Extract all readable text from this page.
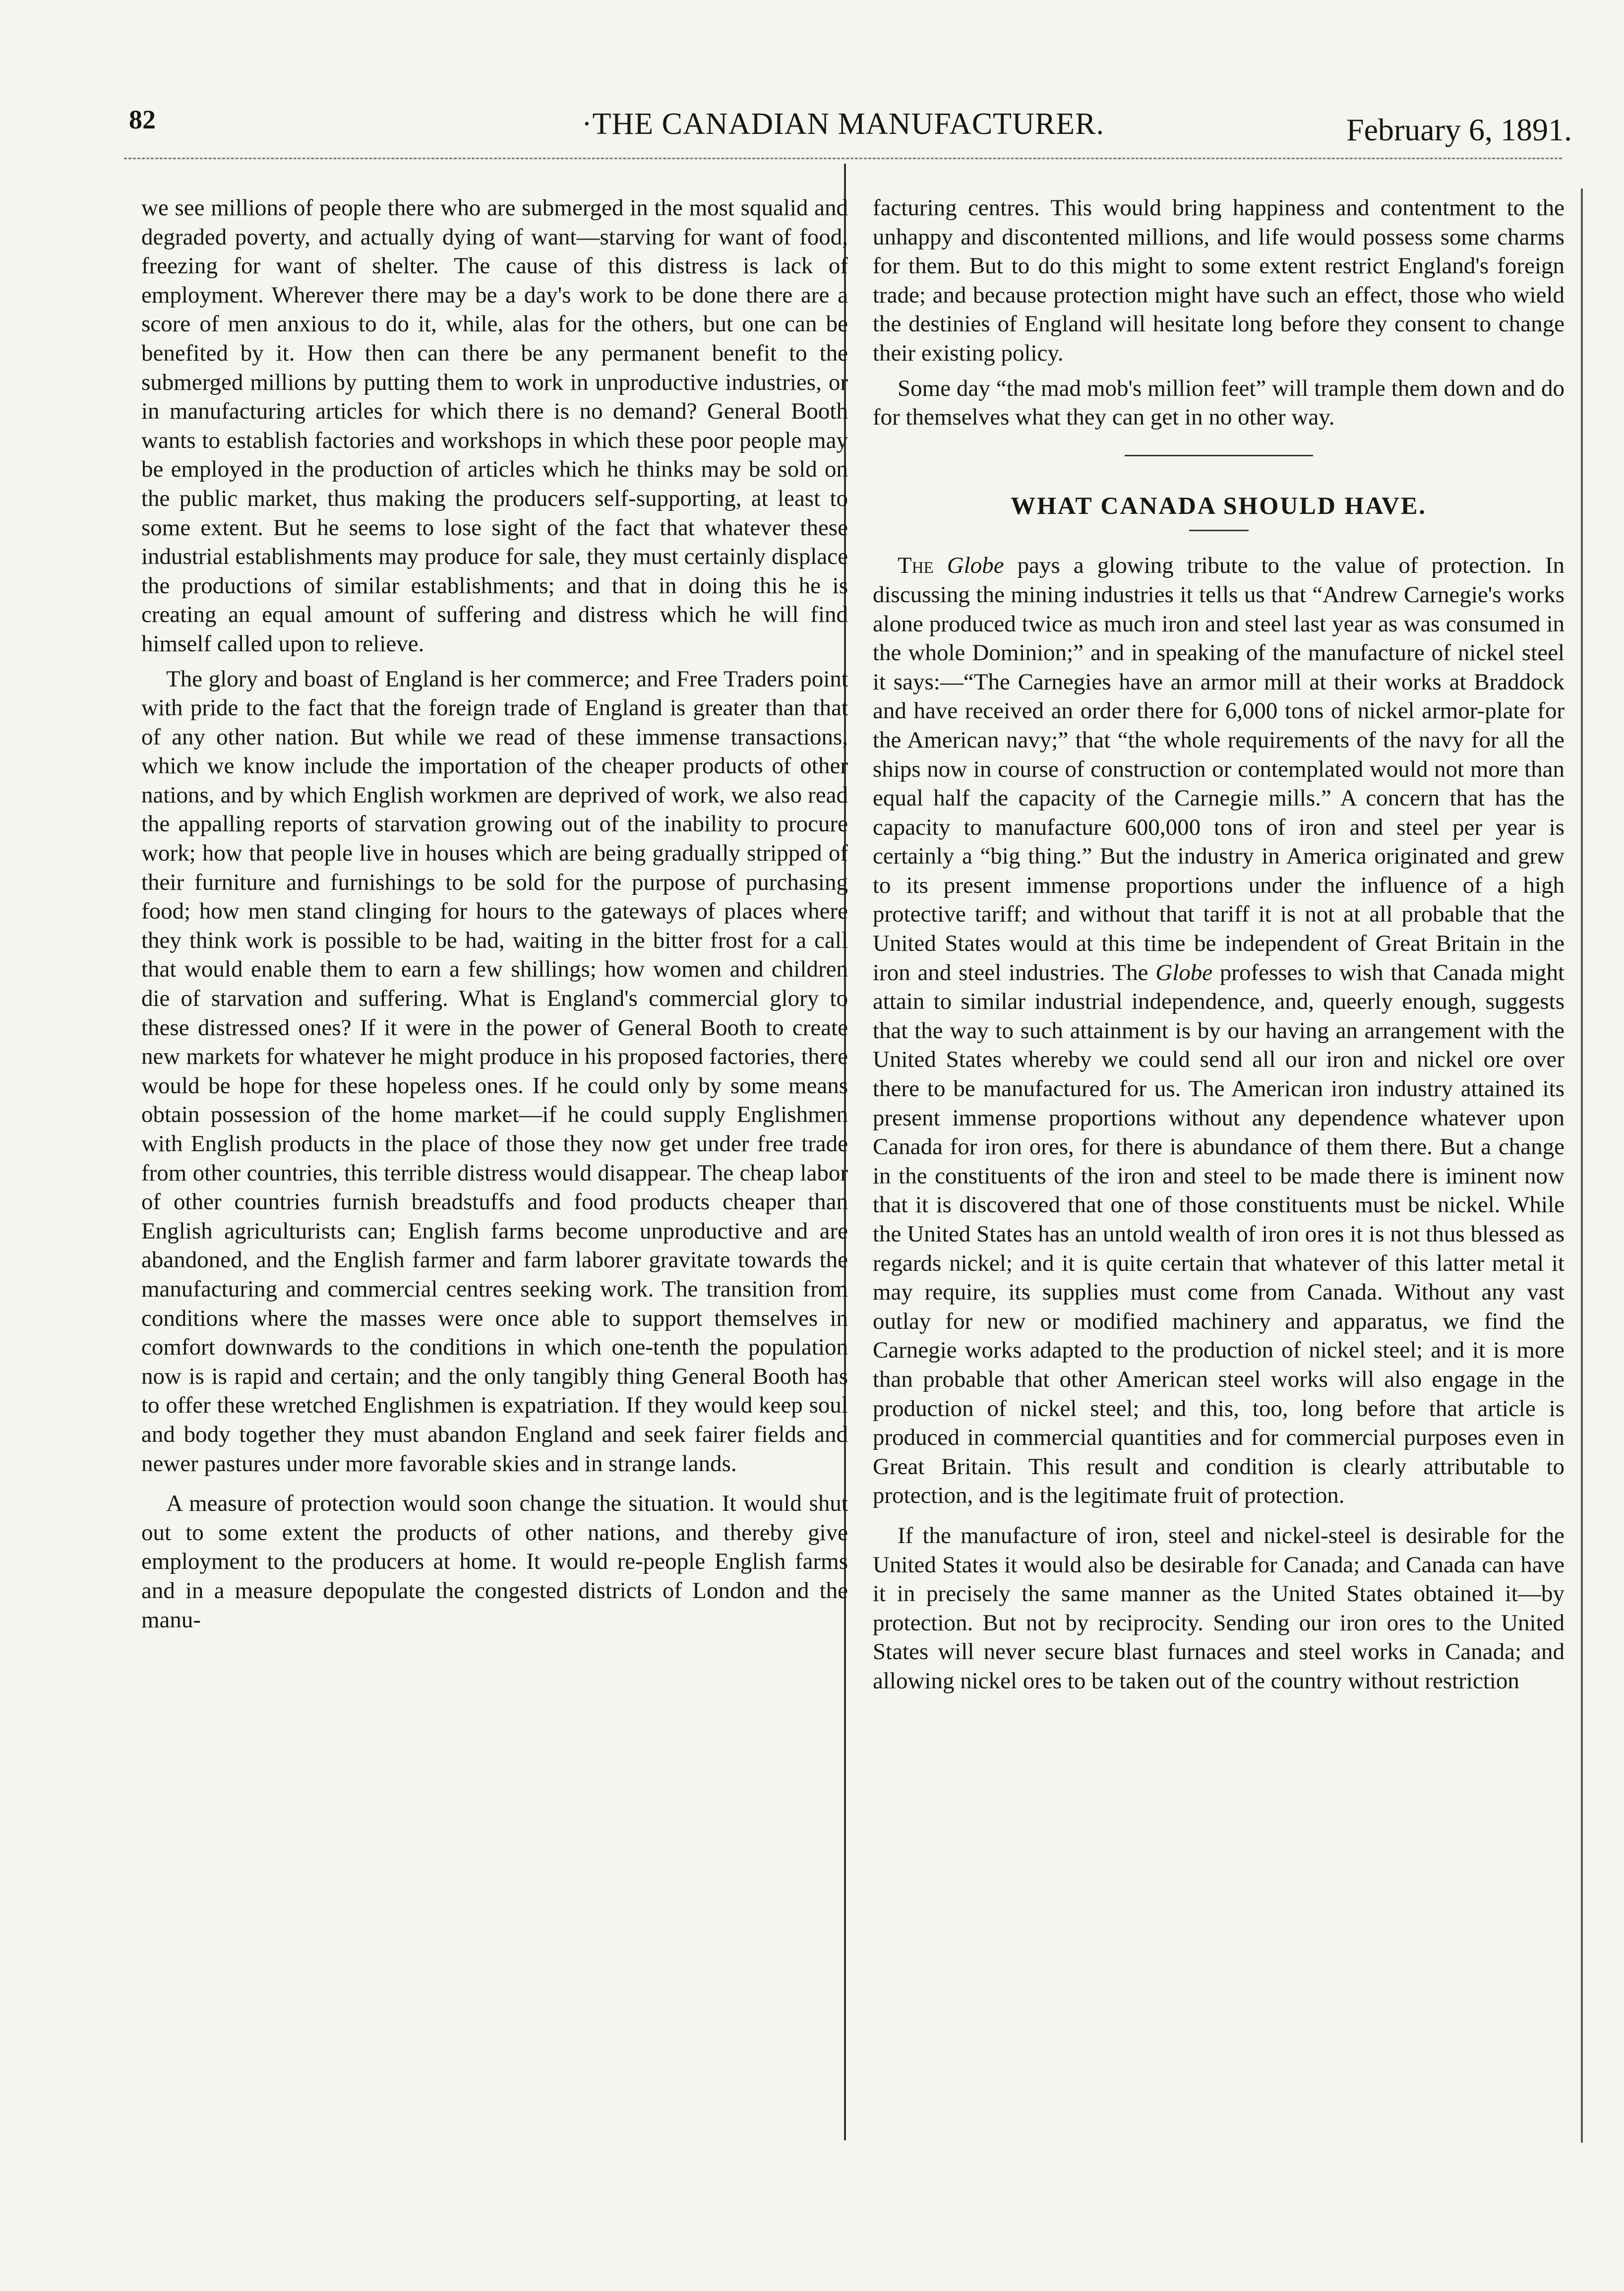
82	·THE CANADIAN MANUFACTURER.	February 6, 1891.

we see millions of people there who are submerged in the most squalid and degraded poverty, and actually dying of want—starving for want of food, freezing for want of shelter. The cause of this distress is lack of employment. Wherever there may be a day's work to be done there are a score of men anxious to do it, while, alas for the others, but one can be benefited by it. How then can there be any permanent benefit to the submerged millions by putting them to work in unproductive industries, or in manufacturing articles for which there is no demand? General Booth wants to establish factories and workshops in which these poor people may be employed in the production of articles which he thinks may be sold on the public market, thus making the producers self-supporting, at least to some extent. But he seems to lose sight of the fact that whatever these industrial establishments may produce for sale, they must certainly displace the productions of similar establishments; and that in doing this he is creating an equal amount of suffering and distress which he will find himself called upon to relieve.

The glory and boast of England is her commerce; and Free Traders point with pride to the fact that the foreign trade of England is greater than that of any other nation. But while we read of these immense transactions, which we know include the importation of the cheaper products of other nations, and by which English workmen are deprived of work, we also read the appalling reports of starvation growing out of the inability to procure work; how that people live in houses which are being gradually stripped of their furniture and furnishings to be sold for the purpose of purchasing food; how men stand clinging for hours to the gateways of places where they think work is possible to be had, waiting in the bitter frost for a call that would enable them to earn a few shillings; how women and children die of starvation and suffering. What is England's commercial glory to these distressed ones? If it were in the power of General Booth to create new markets for whatever he might produce in his proposed factories, there would be hope for these hopeless ones. If he could only by some means obtain possession of the home market—if he could supply Englishmen with English products in the place of those they now get under free trade from other countries, this terrible distress would disappear. The cheap labor of other countries furnish breadstuffs and food products cheaper than English agriculturists can; English farms become unproductive and are abandoned, and the English farmer and farm laborer gravitate towards the manufacturing and commercial centres seeking work. The transition from conditions where the masses were once able to support themselves in comfort downwards to the conditions in which one-tenth the population now is is rapid and certain; and the only tangibly thing General Booth has to offer these wretched Englishmen is expatriation. If they would keep soul and body together they must abandon England and seek fairer fields and newer pastures under more favorable skies and in strange lands.

A measure of protection would soon change the situation. It would shut out to some extent the products of other nations, and thereby give employment to the producers at home. It would re-people English farms and in a measure depopulate the congested districts of London and the manu-

facturing centres. This would bring happiness and contentment to the unhappy and discontented millions, and life would possess some charms for them. But to do this might to some extent restrict England's foreign trade; and because protection might have such an effect, those who wield the destinies of England will hesitate long before they consent to change their existing policy.

Some day “the mad mob's million feet” will trample them down and do for themselves what they can get in no other way.

WHAT CANADA SHOULD HAVE.

The Globe pays a glowing tribute to the value of protection. In discussing the mining industries it tells us that “Andrew Carnegie's works alone produced twice as much iron and steel last year as was consumed in the whole Dominion;” and in speaking of the manufacture of nickel steel it says:—“The Carnegies have an armor mill at their works at Braddock and have received an order there for 6,000 tons of nickel armor-plate for the American navy;” that “the whole requirements of the navy for all the ships now in course of construction or contemplated would not more than equal half the capacity of the Carnegie mills.” A concern that has the capacity to manufacture 600,000 tons of iron and steel per year is certainly a “big thing.” But the industry in America originated and grew to its present immense proportions under the influence of a high protective tariff; and without that tariff it is not at all probable that the United States would at this time be independent of Great Britain in the iron and steel industries. The Globe professes to wish that Canada might attain to similar industrial independence, and, queerly enough, suggests that the way to such attainment is by our having an arrangement with the United States whereby we could send all our iron and nickel ore over there to be manufactured for us. The American iron industry attained its present immense proportions without any dependence whatever upon Canada for iron ores, for there is abundance of them there. But a change in the constituents of the iron and steel to be made there is iminent now that it is discovered that one of those constituents must be nickel. While the United States has an untold wealth of iron ores it is not thus blessed as regards nickel; and it is quite certain that whatever of this latter metal it may require, its supplies must come from Canada. Without any vast outlay for new or modified machinery and apparatus, we find the Carnegie works adapted to the production of nickel steel; and it is more than probable that other American steel works will also engage in the production of nickel steel; and this, too, long before that article is produced in commercial quantities and for commercial purposes even in Great Britain. This result and condition is clearly attributable to protection, and is the legitimate fruit of protection.

If the manufacture of iron, steel and nickel-steel is desirable for the United States it would also be desirable for Canada; and Canada can have it in precisely the same manner as the United States obtained it—by protection. But not by reciprocity. Sending our iron ores to the United States will never secure blast furnaces and steel works in Canada; and allowing nickel ores to be taken out of the country without restriction
